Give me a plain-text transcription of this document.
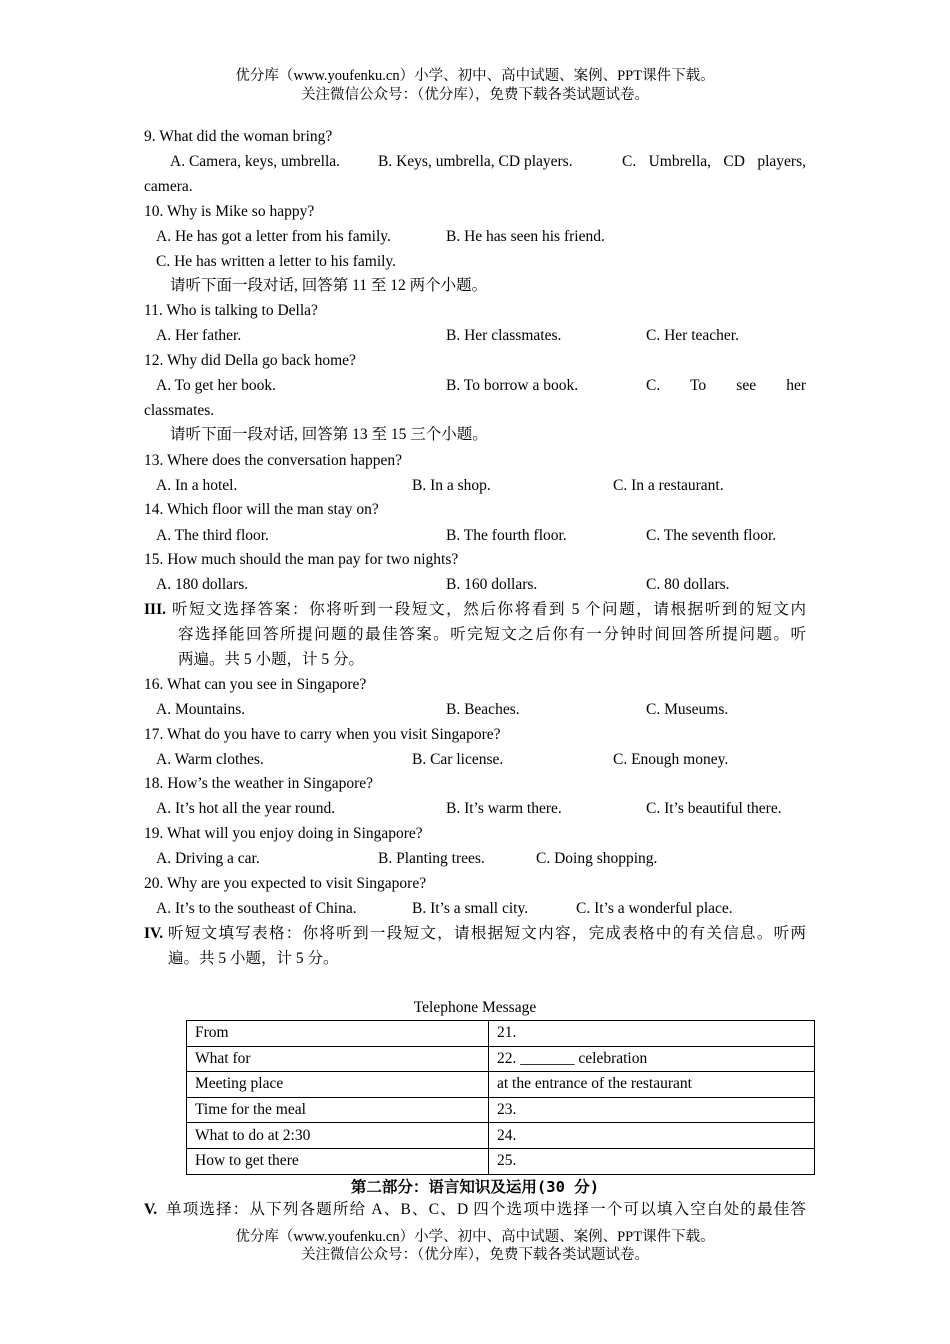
优分库（www.youfenku.cn）小学、初中、高中试题、案例、PPT课件下载。
关注微信公众号：（优分库），免费下载各类试题试卷。
9. What did the woman bring?
A. Camera, keys, umbrella. B. Keys, umbrella, CD players.	C. Umbrella, CD players,
camera.
10. Why is Mike so happy?
A. He has got a letter from his family.	B. He has seen his friend.
C. He has written a letter to his family.
请听下面一段对话, 回答第 11 至 12 两个小题。
11. Who is talking to Della?
A. Her father.	B. Her classmates.	C. Her teacher.
12. Why did Della go back home?
A. To get her book.	B. To borrow a book.	C. To see her
classmates.
请听下面一段对话, 回答第 13 至 15 三个小题。
13. Where does the conversation happen?
A. In a hotel.	B. In a shop.	C. In a restaurant.
14. Which floor will the man stay on?
A. The third floor.	B. The fourth floor.	C. The seventh floor.
15. How much should the man pay for two nights?
A. 180 dollars.	B. 160 dollars.	C. 80 dollars.
III. 听短文选择答案：你将听到一段短文，然后你将看到 5 个问题，请根据听到的短文内
容选择能回答所提问题的最佳答案。听完短文之后你有一分钟时间回答所提问题。听
两遍。共 5 小题，计 5 分。
16. What can you see in Singapore?
A. Mountains.	B. Beaches.	C. Museums.
17. What do you have to carry when you visit Singapore?
A. Warm clothes.	B. Car license.	C. Enough money.
18. How’s the weather in Singapore?
A. It’s hot all the year round.	B. It’s warm there.	C. It’s beautiful there.
19. What will you enjoy doing in Singapore?
A. Driving a car.	B. Planting trees.	C. Doing shopping.
20. Why are you expected to visit Singapore?
A. It’s to the southeast of China.	B. It’s a small city.	C. It’s a wonderful place.
IV. 听短文填写表格：你将听到一段短文，请根据短文内容，完成表格中的有关信息。听两
遍。共 5 小题，计 5 分。
Telephone Message
From	21.
What for	22. _______ celebration
Meeting place	at the entrance of the restaurant
Time for the meal	23.
What to do at 2:30	24.
How to get there	25.
第二部分：语言知识及运用(30 分)
V. 单项选择：从下列各题所给 A、B、C、D 四个选项中选择一个可以填入空白处的最佳答
优分库（www.youfenku.cn）小学、初中、高中试题、案例、PPT课件下载。
关注微信公众号：（优分库），免费下载各类试题试卷。
